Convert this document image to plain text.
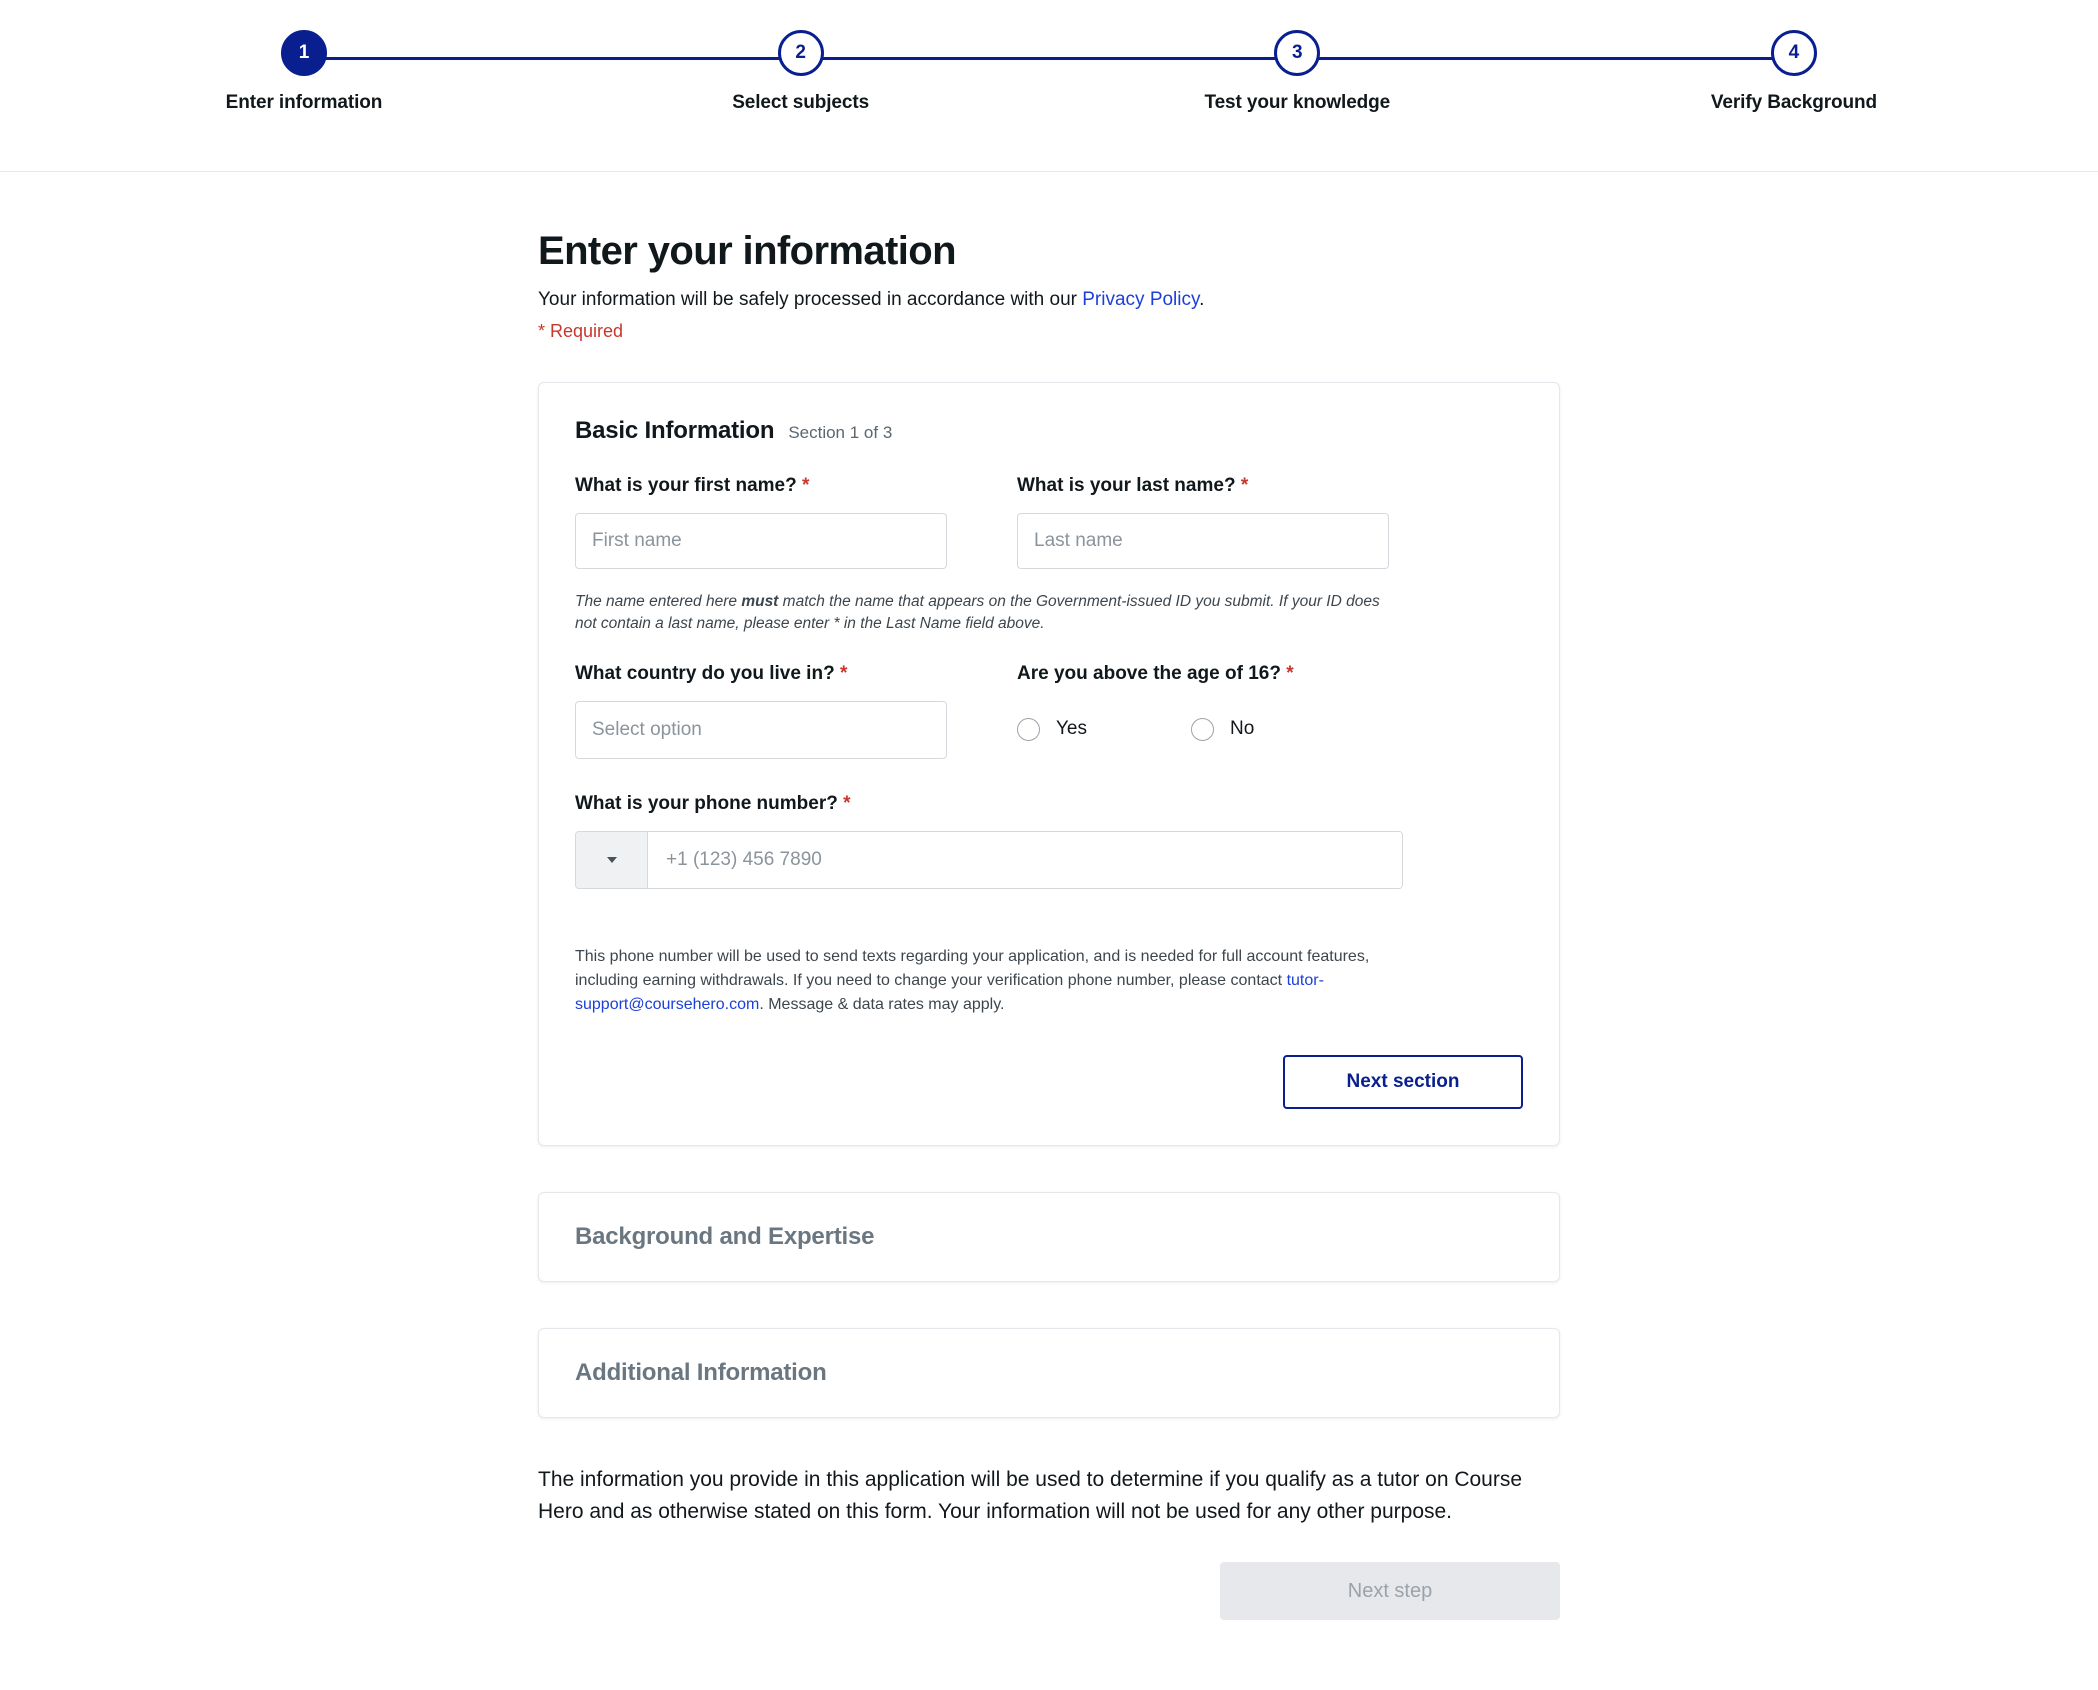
1
Enter information
2
Select subjects
3
Test your knowledge
4
Verify Background
Enter your information

Your information will be safely processed in accordance with our Privacy Policy.

* Required

Basic Information Section 1 of 3
What is your first name? *
First name	What is your last name? *
Last name

The name entered here must match the name that appears on the Government-issued ID you submit. If your ID does not contain a last name, please enter * in the Last Name field above.

What country do you live in? *
Select option
Are you above the age of 16? *
Yes	No
What is your phone number? *
+1 (123) 456 7890

This phone number will be used to send texts regarding your application, and is needed for full account features, including earning withdrawals. If you need to change your verification phone number, please contact tutor-support@coursehero.com. Message & data rates may apply.

Next section
Background and Expertise
Additional Information

The information you provide in this application will be used to determine if you qualify as a tutor on Course Hero and as otherwise stated on this form. Your information will not be used for any other purpose.

Next step
